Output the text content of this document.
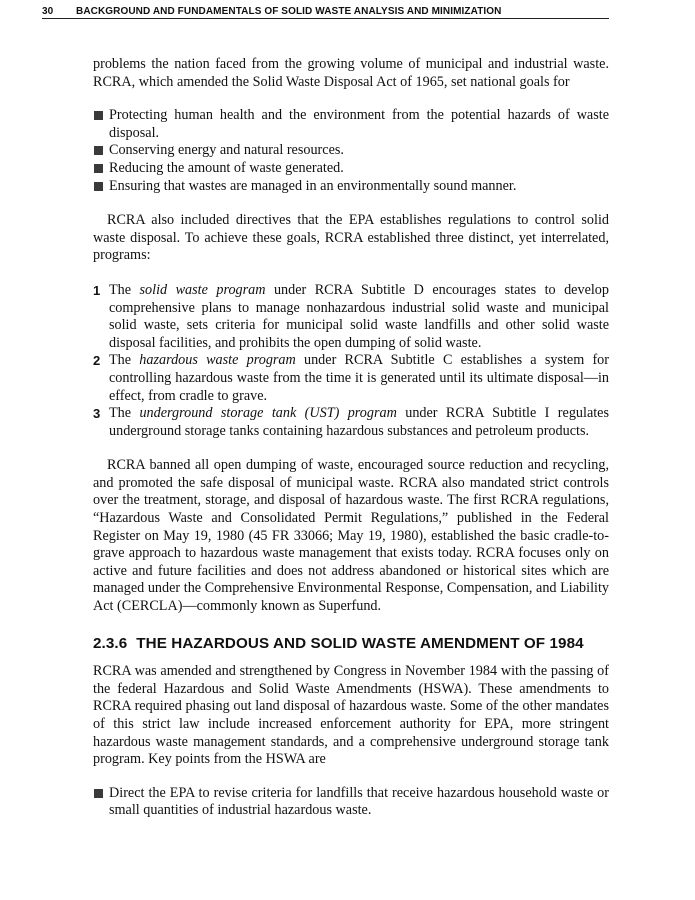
30 BACKGROUND AND FUNDAMENTALS OF SOLID WASTE ANALYSIS AND MINIMIZATION

problems the nation faced from the growing volume of municipal and industrial waste. RCRA, which amended the Solid Waste Disposal Act of 1965, set national goals for

Protecting human health and the environment from the potential hazards of waste disposal.
Conserving energy and natural resources.
Reducing the amount of waste generated.
Ensuring that wastes are managed in an environmentally sound manner.

RCRA also included directives that the EPA establishes regulations to control solid waste disposal. To achieve these goals, RCRA established three distinct, yet interrelated, programs:

1 The solid waste program under RCRA Subtitle D encourages states to develop comprehensive plans to manage nonhazardous industrial solid waste and municipal solid waste, sets criteria for municipal solid waste landfills and other solid waste disposal facilities, and prohibits the open dumping of solid waste.
2 The hazardous waste program under RCRA Subtitle C establishes a system for controlling hazardous waste from the time it is generated until its ultimate disposal—in effect, from cradle to grave.
3 The underground storage tank (UST) program under RCRA Subtitle I regulates underground storage tanks containing hazardous substances and petroleum products.

RCRA banned all open dumping of waste, encouraged source reduction and recycling, and promoted the safe disposal of municipal waste. RCRA also mandated strict controls over the treatment, storage, and disposal of hazardous waste. The first RCRA regulations, “Hazardous Waste and Consolidated Permit Regulations,” published in the Federal Register on May 19, 1980 (45 FR 33066; May 19, 1980), established the basic cradle-to-grave approach to hazardous waste management that exists today. RCRA focuses only on active and future facilities and does not address abandoned or historical sites which are managed under the Comprehensive Environmental Response, Compensation, and Liability Act (CERCLA)—commonly known as Superfund.

2.3.6 THE HAZARDOUS AND SOLID WASTE AMENDMENT OF 1984

RCRA was amended and strengthened by Congress in November 1984 with the passing of the federal Hazardous and Solid Waste Amendments (HSWA). These amendments to RCRA required phasing out land disposal of hazardous waste. Some of the other mandates of this strict law include increased enforcement authority for EPA, more stringent hazardous waste management standards, and a comprehensive underground storage tank program. Key points from the HSWA are

Direct the EPA to revise criteria for landfills that receive hazardous household waste or small quantities of industrial hazardous waste.
